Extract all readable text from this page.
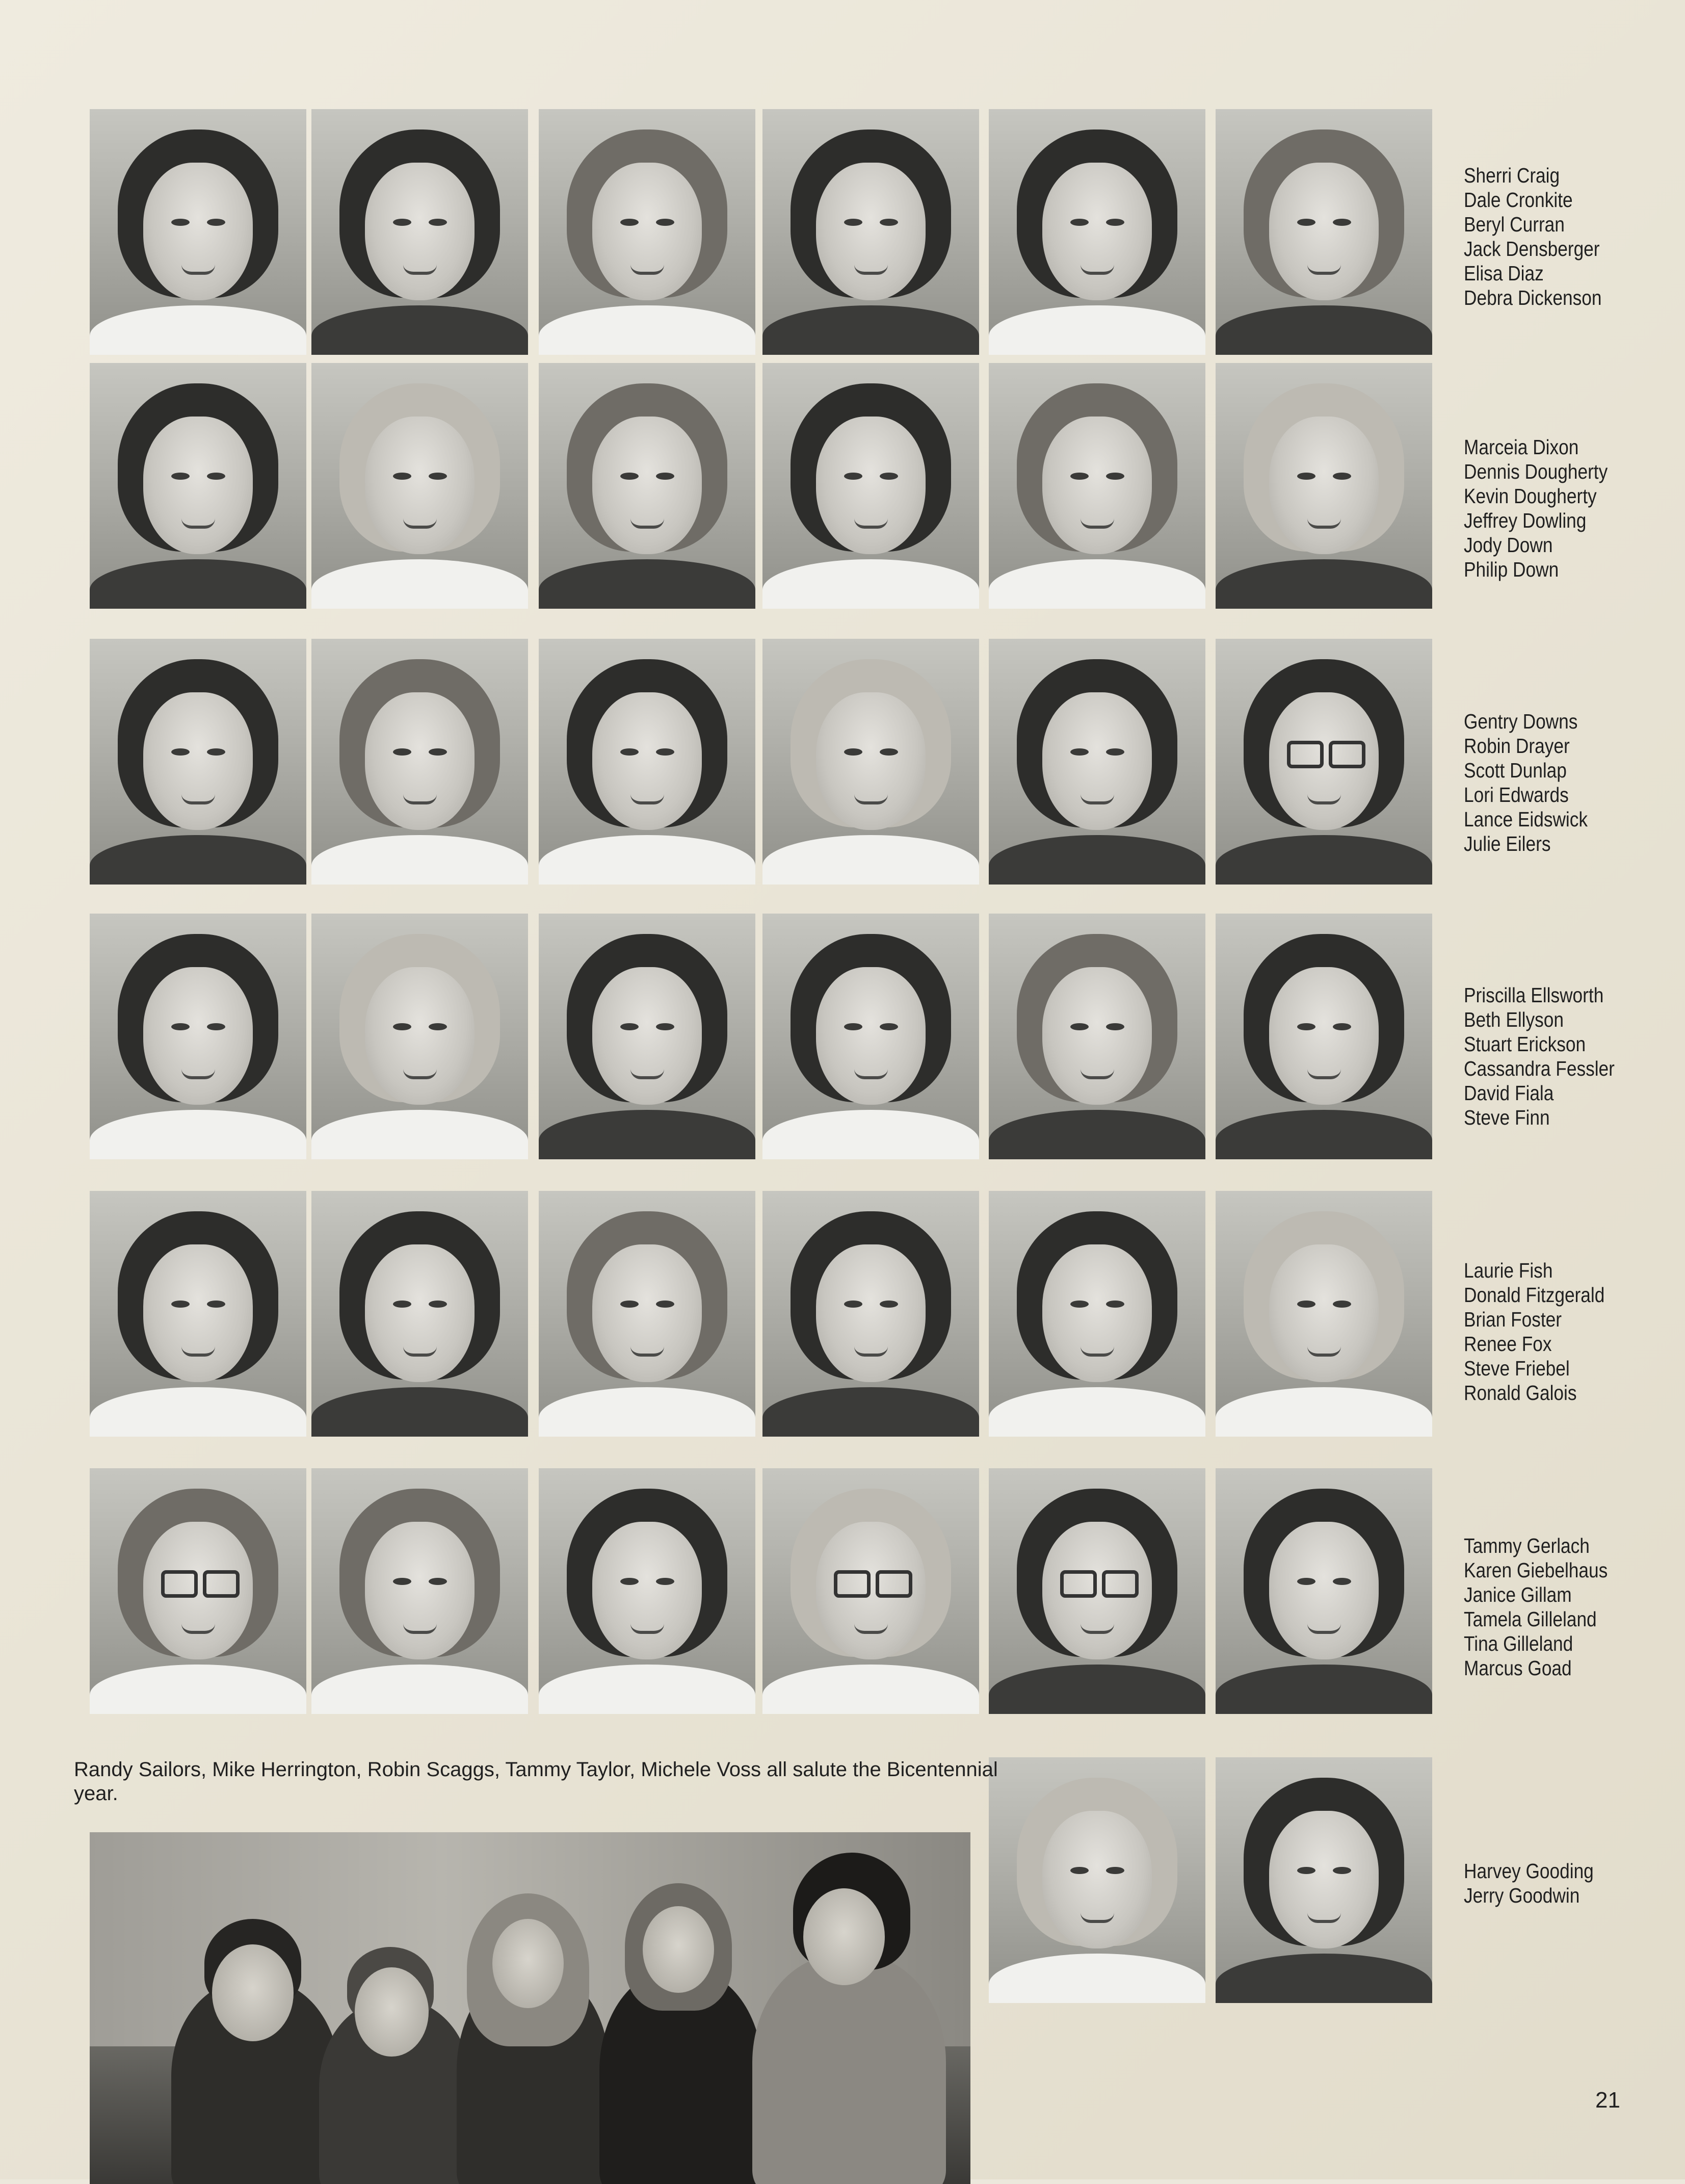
Sherri Craig
Dale Cronkite
Beryl Curran
Jack Densberger
Elisa Diaz
Debra Dickenson
Marceia Dixon
Dennis Dougherty
Kevin Dougherty
Jeffrey Dowling
Jody Down
Philip Down
Gentry Downs
Robin Drayer
Scott Dunlap
Lori Edwards
Lance Eidswick
Julie Eilers
Priscilla Ellsworth
Beth Ellyson
Stuart Erickson
Cassandra Fessler
David Fiala
Steve Finn
Laurie Fish
Donald Fitzgerald
Brian Foster
Renee Fox
Steve Friebel
Ronald Galois
Tammy Gerlach
Karen Giebelhaus
Janice Gillam
Tamela Gilleland
Tina Gilleland
Marcus Goad
Harvey Gooding
Jerry Goodwin
Randy Sailors, Mike Herrington, Robin Scaggs, Tammy Taylor, Michele Voss all salute the Bicentennial year.
21
